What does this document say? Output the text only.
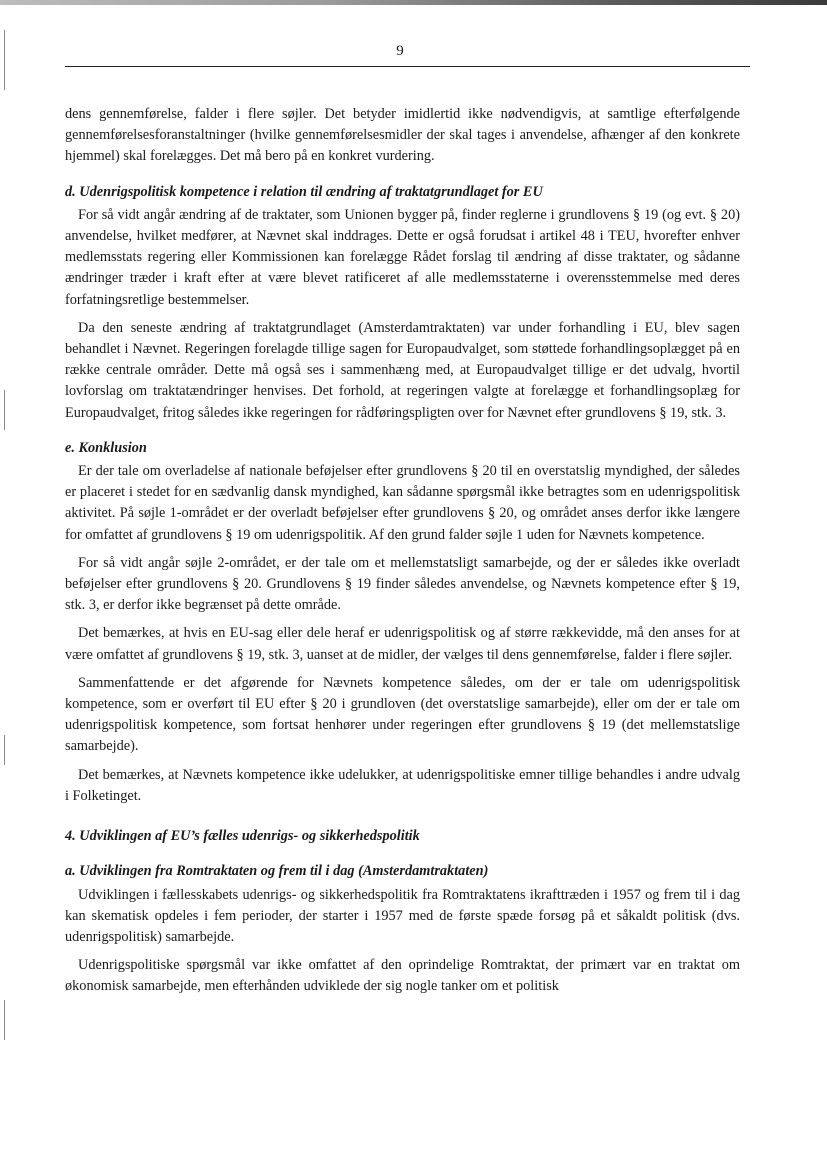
9

dens gennemførelse, falder i flere søjler. Det betyder imidlertid ikke nødvendigvis, at samtlige efterfølgende gennemførelsesforanstaltninger (hvilke gennemførelsesmidler der skal tages i anvendelse, afhænger af den konkrete hjemmel) skal forelægges. Det må bero på en konkret vurdering.

d. Udenrigspolitisk kompetence i relation til ændring af traktatgrundlaget for EU

For så vidt angår ændring af de traktater, som Unionen bygger på, finder reglerne i grundlovens § 19 (og evt. § 20) anvendelse, hvilket medfører, at Nævnet skal inddrages. Dette er også forudsat i artikel 48 i TEU, hvorefter enhver medlemsstats regering eller Kommissionen kan forelægge Rådet forslag til ændring af disse traktater, og sådanne ændringer træder i kraft efter at være blevet ratificeret af alle medlemsstaterne i overensstemmelse med deres forfatningsretlige bestemmelser.

Da den seneste ændring af traktatgrundlaget (Amsterdamtraktaten) var under forhandling i EU, blev sagen behandlet i Nævnet. Regeringen forelagde tillige sagen for Europaudvalget, som støttede forhandlingsoplægget på en række centrale områder. Dette må også ses i sammenhæng med, at Europaudvalget tillige er det udvalg, hvortil lovforslag om traktatændringer henvises. Det forhold, at regeringen valgte at forelægge et forhandlingsoplæg for Europaudvalget, fritog således ikke regeringen for rådføringspligten over for Nævnet efter grundlovens § 19, stk. 3.

e. Konklusion

Er der tale om overladelse af nationale beføjelser efter grundlovens § 20 til en overstatslig myndighed, der således er placeret i stedet for en sædvanlig dansk myndighed, kan sådanne spørgsmål ikke betragtes som en udenrigspolitisk aktivitet. På søjle 1-området er der overladt beføjelser efter grundlovens § 20, og området anses derfor ikke længere for omfattet af grundlovens § 19 om udenrigspolitik. Af den grund falder søjle 1 uden for Nævnets kompetence.

For så vidt angår søjle 2-området, er der tale om et mellemstatsligt samarbejde, og der er således ikke overladt beføjelser efter grundlovens § 20. Grundlovens § 19 finder således anvendelse, og Nævnets kompetence efter § 19, stk. 3, er derfor ikke begrænset på dette område.

Det bemærkes, at hvis en EU-sag eller dele heraf er udenrigspolitisk og af større rækkevidde, må den anses for at være omfattet af grundlovens § 19, stk. 3, uanset at de midler, der vælges til dens gennemførelse, falder i flere søjler.

Sammenfattende er det afgørende for Nævnets kompetence således, om der er tale om udenrigspolitisk kompetence, som er overført til EU efter § 20 i grundloven (det overstatslige samarbejde), eller om der er tale om udenrigspolitisk kompetence, som fortsat henhører under regeringen efter grundlovens § 19 (det mellemstatslige samarbejde).

Det bemærkes, at Nævnets kompetence ikke udelukker, at udenrigspolitiske emner tillige behandles i andre udvalg i Folketinget.

4. Udviklingen af EU’s fælles udenrigs- og sikkerhedspolitik
a. Udviklingen fra Romtraktaten og frem til i dag (Amsterdamtraktaten)

Udviklingen i fællesskabets udenrigs- og sikkerhedspolitik fra Romtraktatens ikrafttræden i 1957 og frem til i dag kan skematisk opdeles i fem perioder, der starter i 1957 med de første spæde forsøg på et såkaldt politisk (dvs. udenrigspolitisk) samarbejde.

Udenrigspolitiske spørgsmål var ikke omfattet af den oprindelige Romtraktat, der primært var en traktat om økonomisk samarbejde, men efterhånden udviklede der sig nogle tanker om et politisk
